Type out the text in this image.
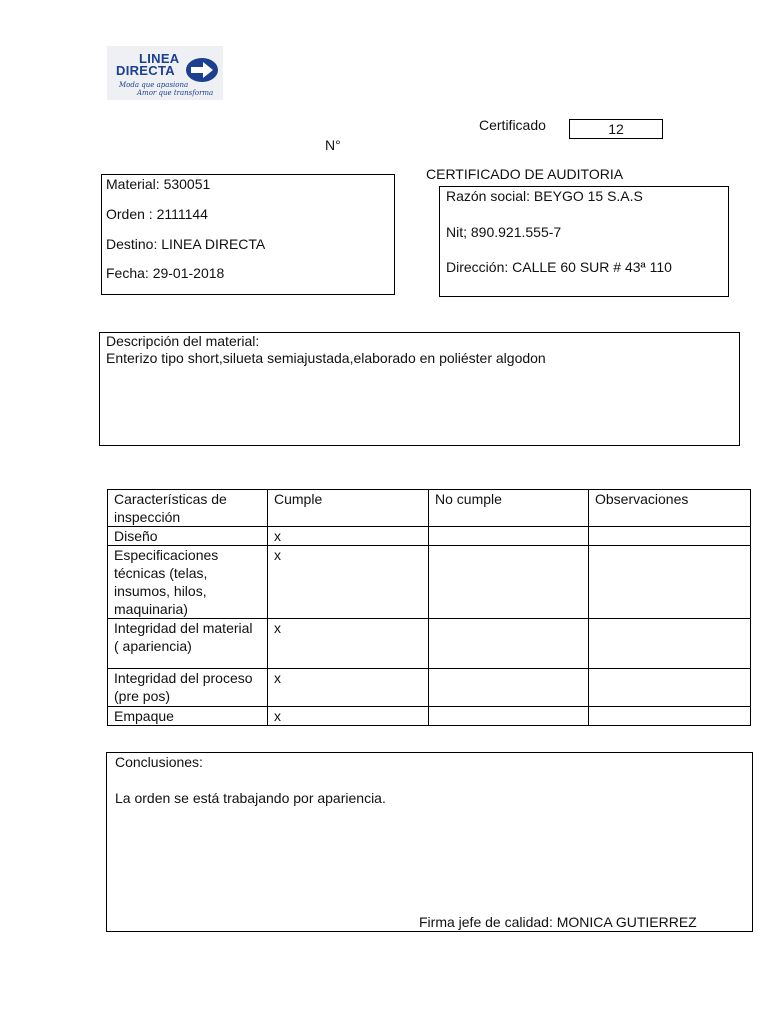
LINEA
DIRECTA
Moda que apasiona
Amor que transforma
Certificado	12
N°
CERTIFICADO DE AUDITORIA
Material: 530051
Orden : 2111144
Destino: LINEA DIRECTA
Fecha: 29-01-2018
Razón social: BEYGO 15 S.A.S
Nit; 890.921.555-7
Dirección: CALLE 60 SUR # 43ª 110
Descripción del material:
Enterizo tipo short,silueta semiajustada,elaborado en poliéster algodon
Características de inspección	Cumple	No cumple	Observaciones
Diseño	x		
Especificaciones técnicas (telas, insumos, hilos, maquinaria)	x		
Integridad del material ( apariencia)	x		
Integridad del proceso (pre pos)	x		
Empaque	x		
Conclusiones:
La orden se está trabajando por apariencia.
Firma jefe de calidad: MONICA GUTIERREZ
